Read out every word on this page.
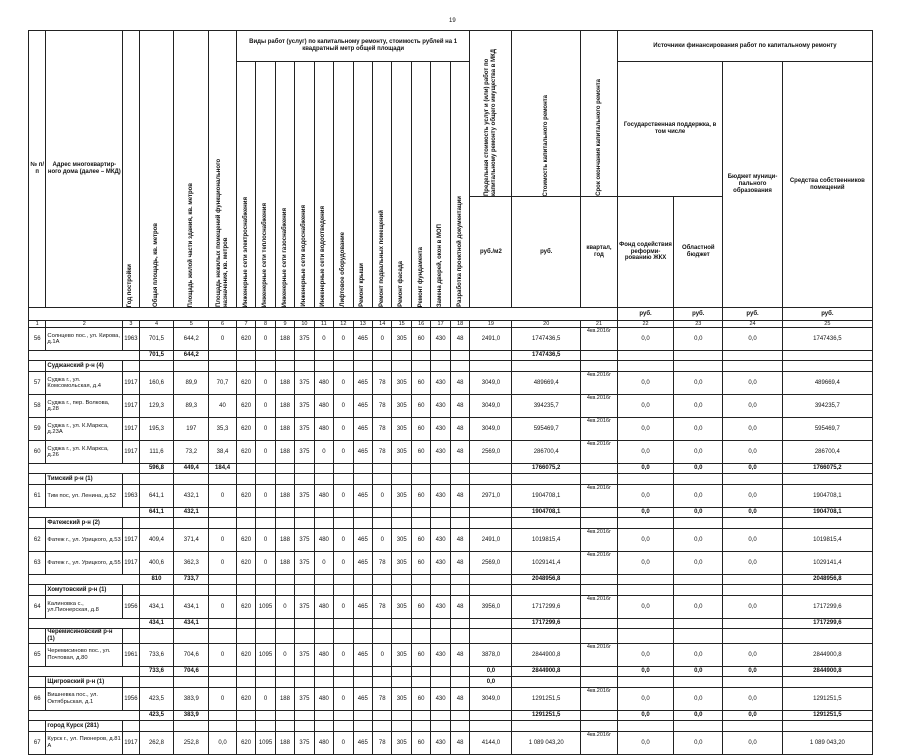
19
№ п/п	Адрес многоквартир-ного дома (далее – МКД)	Год постройки	Общая площадь, кв. метров	Площадь жилой части здания, кв. метров	Площадь нежилых помещений функционального назначения, кв. метров	Виды работ (услуг) по капитальному ремонту, стоимость рублей на 1 квадратный метр общей площади												Предельная стоимость услуг и (или) работ по капитальному ремонту общего имущества в МКД	Стоимость капитального ремонта	Срок окончания капитального ремонта	Источники финансирования работ по капитальному ремонту			

						Инженерные сети электроснабжения	Инженерные сети теплоснабжения	Инженерные сети газоснабжения	Инженерные сети водоснабжения	Инженерные сети водоотведения	Лифтовое оборудование	Ремонт крыши	Ремонт подвальных помещений	Ремонт фасада	Ремонт фундамента	Замена дверей, окон в МОП	Разработка проектной документации				Государственная поддержка, в том числе		Бюджет муници-пального образования	Средства собственников помещений
																		руб./м2	руб.	квартал, год	Фонд содействия реформи-рованию ЖКХ	Областной бюджет		
																					руб.	руб.	руб.	руб.
1	2	3	4	5	6	7	8	9	10	11	12	13	14	15	16	17	18	19	20	21	22	23	24	25
56	Солнцево пос., ул. Кирова, д.1А	1963	701,5	644,2	0	620	0	188	375	0	0	465	0	305	60	430	48	2491,0	1747436,5	4кв.2016г	0,0	0,0	0,0	1747436,5
			701,5	644,2															1747436,5					
	Суджанский р-н (4)																							
57	Суджа г., ул. Комсомольская, д.4	1917	160,6	89,9	70,7	620	0	188	375	480	0	465	78	305	60	430	48	3049,0	489669,4	4кв.2016г	0,0	0,0	0,0	489669,4
58	Суджа г., пер. Волкова, д.28	1917	129,3	89,3	40	620	0	188	375	480	0	465	78	305	60	430	48	3049,0	394235,7	4кв.2016г	0,0	0,0	0,0	394235,7
59	Суджа г., ул. К.Маркса, д.23А	1917	195,3	197	35,3	620	0	188	375	480	0	465	78	305	60	430	48	3049,0	595469,7	4кв.2016г	0,0	0,0	0,0	595469,7
60	Суджа г., ул. К.Маркса, д.26	1917	111,6	73,2	38,4	620	0	188	375	0	0	465	78	305	60	430	48	2569,0	286700,4	4кв.2016г	0,0	0,0	0,0	286700,4
			596,8	449,4	184,4														1766075,2		0,0	0,0	0,0	1766075,2
	Тимский р-н (1)																							
61	Тим пос, ул. Ленина, д.52	1963	641,1	432,1	0	620	0	188	375	480	0	465	0	305	60	430	48	2971,0	1904708,1	4кв.2016г	0,0	0,0	0,0	1904708,1
			641,1	432,1															1904708,1		0,0	0,0	0,0	1904708,1
	Фатежский р-н (2)																							
62	Фатеж г., ул. Урицкого, д.53	1917	409,4	371,4	0	620	0	188	375	480	0	465	0	305	60	430	48	2491,0	1019815,4	4кв.2016г	0,0	0,0	0,0	1019815,4
63	Фатеж г., ул. Урицкого, д.55	1917	400,6	362,3	0	620	0	188	375	0	0	465	78	305	60	430	48	2569,0	1029141,4	4кв.2016г	0,0	0,0	0,0	1029141,4
			810	733,7															2048956,8					2048956,8
	Хомутовский р-н (1)																							
64	Калиновка с., ул.Пионерская, д.8	1956	434,1	434,1	0	620	1095	0	375	480	0	465	78	305	60	430	48	3956,0	1717299,6	4кв.2016г	0,0	0,0	0,0	1717299,6
			434,1	434,1															1717299,6					1717299,6
	Черемисиновский р-н (1)																							
65	Черемисиново пос., ул. Почтовая, д.80	1961	733,6	704,6	0	620	1095	0	375	480	0	465	0	305	60	430	48	3878,0	2844900,8	4кв.2016г	0,0	0,0	0,0	2844900,8
			733,6	704,6														0,0	2844900,8		0,0	0,0	0,0	2844900,8
	Щигровский р-н (1)																	0,0						
66	Вишневка пос., ул. Октябрьская, д.1	1956	423,5	383,9	0	620	0	188	375	480	0	465	78	305	60	430	48	3049,0	1291251,5	4кв.2016г	0,0	0,0	0,0	1291251,5
			423,5	383,9															1291251,5		0,0	0,0	0,0	1291251,5
	город Курск (281)																							
67	Курск г., ул. Пионеров, д.81 А	1917	262,8	252,8	0,0	620	1095	188	375	480	0	465	78	305	60	430	48	4144,0	1 089 043,20	4кв.2016г	0,0	0,0	0,0	1 089 043,20
